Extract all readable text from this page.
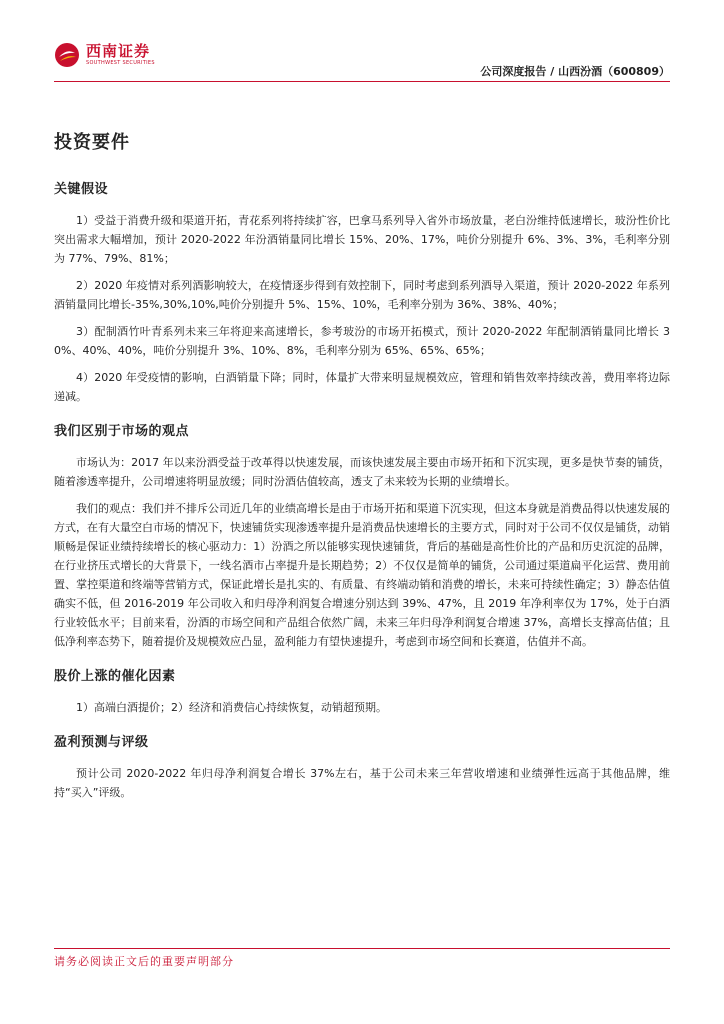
西南证券
SOUTHWEST SECURITIES
公司深度报告 / 山西汾酒（600809）
投资要件
关键假设

1）受益于消费升级和渠道开拓，青花系列将持续扩容，巴拿马系列导入省外市场放量，老白汾维持低速增长，玻汾性价比突出需求大幅增加，预计 2020-2022 年汾酒销量同比增长 15%、20%、17%，吨价分别提升 6%、3%、3%，毛利率分别为 77%、79%、81%；

2）2020 年疫情对系列酒影响较大，在疫情逐步得到有效控制下，同时考虑到系列酒导入渠道，预计 2020-2022 年系列酒销量同比增长-35%,30%,10%,吨价分别提升 5%、15%、10%，毛利率分别为 36%、38%、40%；

3）配制酒竹叶青系列未来三年将迎来高速增长，参考玻汾的市场开拓模式，预计 2020-2022 年配制酒销量同比增长 30%、40%、40%，吨价分别提升 3%、10%、8%，毛利率分别为 65%、65%、65%；

4）2020 年受疫情的影响，白酒销量下降；同时，体量扩大带来明显规模效应，管理和销售效率持续改善，费用率将边际递减。

我们区别于市场的观点

市场认为：2017 年以来汾酒受益于改革得以快速发展，而该快速发展主要由市场开拓和下沉实现，更多是快节奏的铺货，随着渗透率提升，公司增速将明显放缓；同时汾酒估值较高，透支了未来较为长期的业绩增长。

我们的观点：我们并不排斥公司近几年的业绩高增长是由于市场开拓和渠道下沉实现，但这本身就是消费品得以快速发展的方式，在有大量空白市场的情况下，快速铺货实现渗透率提升是消费品快速增长的主要方式，同时对于公司不仅仅是铺货，动销顺畅是保证业绩持续增长的核心驱动力：1）汾酒之所以能够实现快速铺货，背后的基础是高性价比的产品和历史沉淀的品牌，在行业挤压式增长的大背景下，一线名酒市占率提升是长期趋势；2）不仅仅是简单的铺货，公司通过渠道扁平化运营、费用前置、掌控渠道和终端等营销方式，保证此增长是扎实的、有质量、有终端动销和消费的增长，未来可持续性确定；3）静态估值确实不低，但 2016-2019 年公司收入和归母净利润复合增速分别达到 39%、47%，且 2019 年净利率仅为 17%，处于白酒行业较低水平；目前来看，汾酒的市场空间和产品组合依然广阔，未来三年归母净利润复合增速 37%，高增长支撑高估值；且低净利率态势下，随着提价及规模效应凸显，盈利能力有望快速提升，考虑到市场空间和长赛道，估值并不高。

股价上涨的催化因素

1）高端白酒提价；2）经济和消费信心持续恢复，动销超预期。

盈利预测与评级

预计公司 2020-2022 年归母净利润复合增长 37%左右，基于公司未来三年营收增速和业绩弹性远高于其他品牌，维持“买入”评级。

请务必阅读正文后的重要声明部分
